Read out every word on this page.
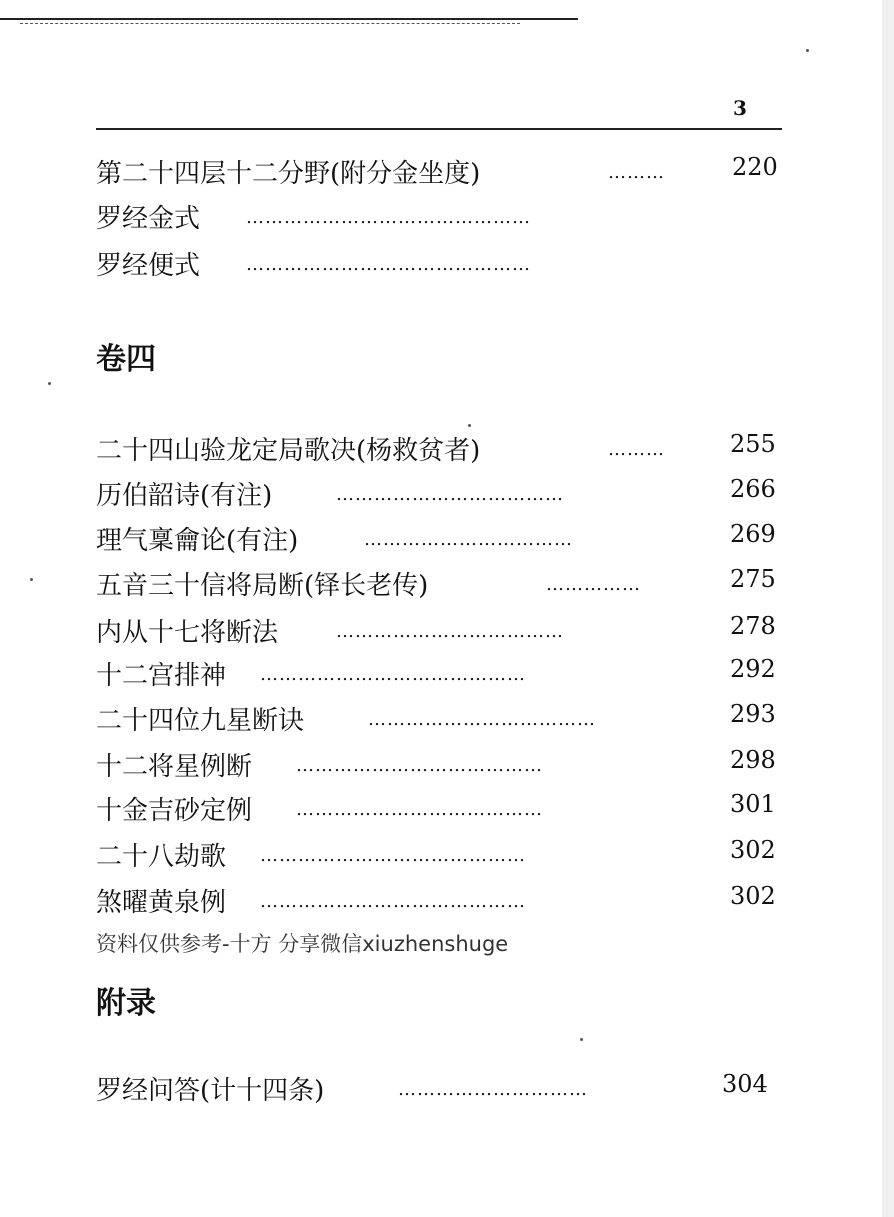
3
第二十四层十二分野(附分金坐度)	………	220
罗经金式	………………………………………
罗经便式	………………………………………
卷四
二十四山验龙定局歌决(杨救贫者)	………	255
历伯韶诗(有注)	………………………………	266
理气稟龠论(有注)	……………………………	269
五音三十信将局断(铎长老传)	……………	275
内从十七将断法	………………………………	278
十二宫排神 ……………………………………	292
二十四位九星断诀	………………………………	293
十二将星例断 …………………………………	298
十金吉砂定例 …………………………………	301
二十八劫歌 ……………………………………	302
煞曜黄泉例 ……………………………………	302
资料仅供参考-十方 分享微信xiuzhenshuge
附录
罗经问答(计十四条)	…………………………	304
